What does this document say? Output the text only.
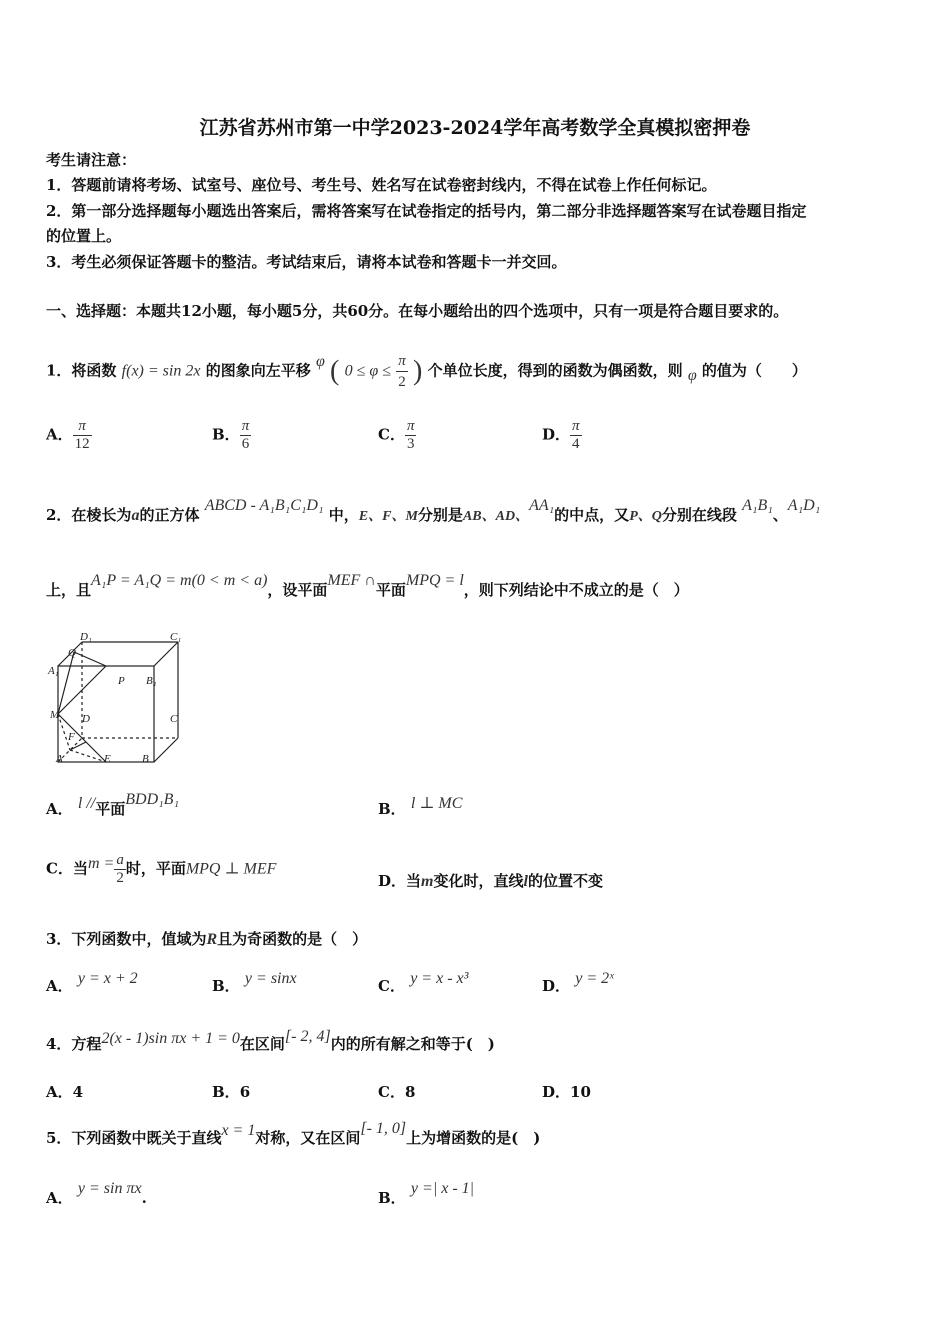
江苏省苏州市第一中学2023-2024学年高考数学全真模拟密押卷
考生请注意：
1．答题前请将考场、试室号、座位号、考生号、姓名写在试卷密封线内，不得在试卷上作任何标记。
2．第一部分选择题每小题选出答案后，需将答案写在试卷指定的括号内，第二部分非选择题答案写在试卷题目指定
的位置上。
3．考生必须保证答题卡的整洁。考试结束后，请将本试卷和答题卡一并交回。
一、选择题：本题共12小题，每小题5分，共60分。在每小题给出的四个选项中，只有一项是符合题目要求的。
1．将函数 f(x) = sin 2x 的图象向左平移 φ ( $0 \le \varphi \le \frac{\pi}{2}$ ) 个单位长度，得到的函数为偶函数，则 φ 的值为（　　）
A． $\frac{\pi}{12}$	B． $\frac{\pi}{6}$	C． $\frac{\pi}{3}$	D． $\frac{\pi}{4}$
2．在棱长为a的正方体 ABCD - A₁B₁C₁D₁ 中，E、F、M分别是AB、AD、AA₁的中点，又P、Q分别在线段 A₁B₁、A₁D₁
上，且A₁P = A₁Q = m(0 < m < a)，设平面MEF ∩平面MPQ = l，则下列结论中不成立的是（　）
D₁	C₁
Q
A₁
P B₁
M D	C
F
A	E	B
A． l //平面BDD₁B₁
B． l ⊥ MC
C．当$m = \frac{a}{2}$ 时，平面MPQ ⊥ MEF
D．当m变化时，直线l的位置不变
3．下列函数中，值域为R且为奇函数的是（　）
A． y = x + 2	B． y = sinx	C． y = x - x³	D． y = 2ˣ
4．方程2(x - 1)sin πx + 1 = 0在区间[- 2, 4]内的所有解之和等于(　)
A．4	B．6	C．8	D．10
5．下列函数中既关于直线x = 1对称，又在区间[- 1, 0]上为增函数的是(　)
A． y = sin πx.	B． y =| x - 1|
